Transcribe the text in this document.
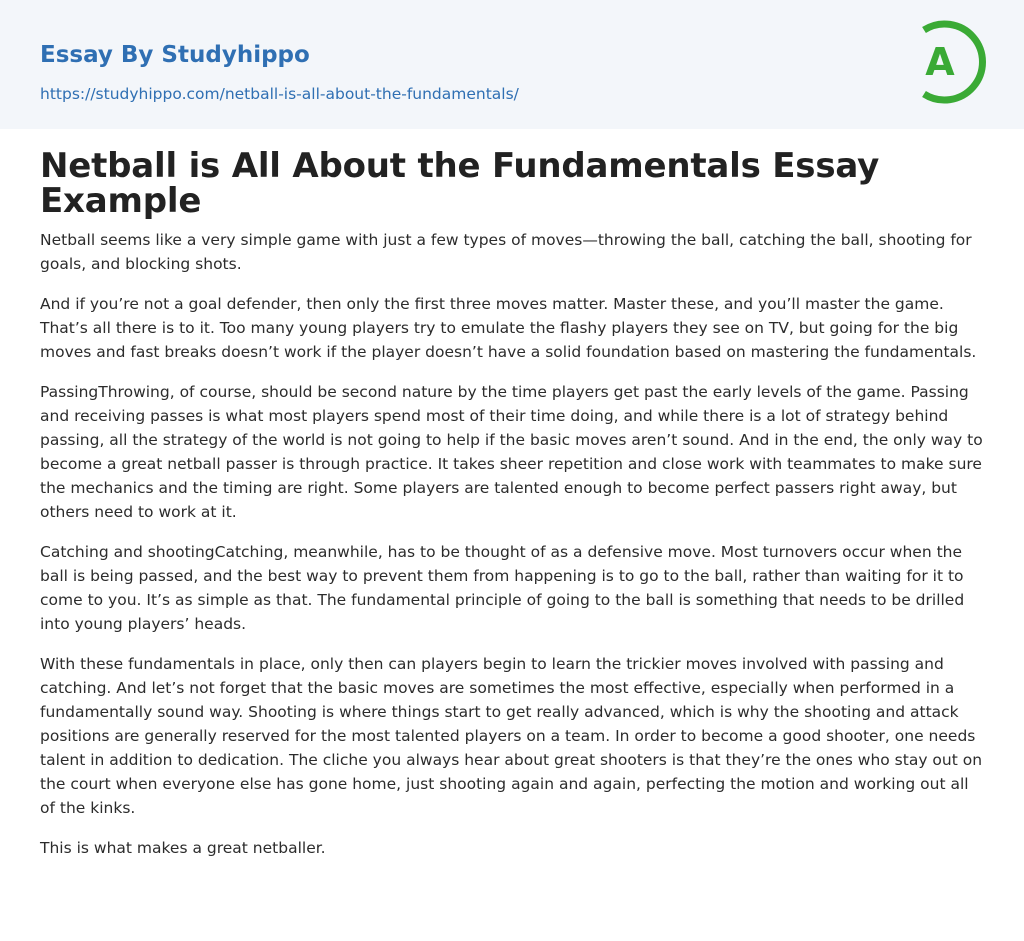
Essay By Studyhippo
https://studyhippo.com/netball-is-all-about-the-fundamentals/
A
Netball is All About the Fundamentals Essay Example

Netball seems like a very simple game with just a few types of moves—throwing the ball, catching the ball, shooting for goals, and blocking shots.

And if you’re not a goal defender, then only the first three moves matter. Master these, and you’ll master the game. That’s all there is to it. Too many young players try to emulate the flashy players they see on TV, but going for the big moves and fast breaks doesn’t work if the player doesn’t have a solid foundation based on mastering the fundamentals.

PassingThrowing, of course, should be second nature by the time players get past the early levels of the game. Passing and receiving passes is what most players spend most of their time doing, and while there is a lot of strategy behind passing, all the strategy of the world is not going to help if the basic moves aren’t sound. And in the end, the only way to become a great netball passer is through practice. It takes sheer repetition and close work with teammates to make sure the mechanics and the timing are right. Some players are talented enough to become perfect passers right away, but others need to work at it.

Catching and shootingCatching, meanwhile, has to be thought of as a defensive move. Most turnovers occur when the ball is being passed, and the best way to prevent them from happening is to go to the ball, rather than waiting for it to come to you. It’s as simple as that. The fundamental principle of going to the ball is something that needs to be drilled into young players’ heads.

With these fundamentals in place, only then can players begin to learn the trickier moves involved with passing and catching. And let’s not forget that the basic moves are sometimes the most effective, especially when performed in a fundamentally sound way. Shooting is where things start to get really advanced, which is why the shooting and attack positions are generally reserved for the most talented players on a team. In order to become a good shooter, one needs talent in addition to dedication. The cliche you always hear about great shooters is that they’re the ones who stay out on the court when everyone else has gone home, just shooting again and again, perfecting the motion and working out all of the kinks.

This is what makes a great netballer.
